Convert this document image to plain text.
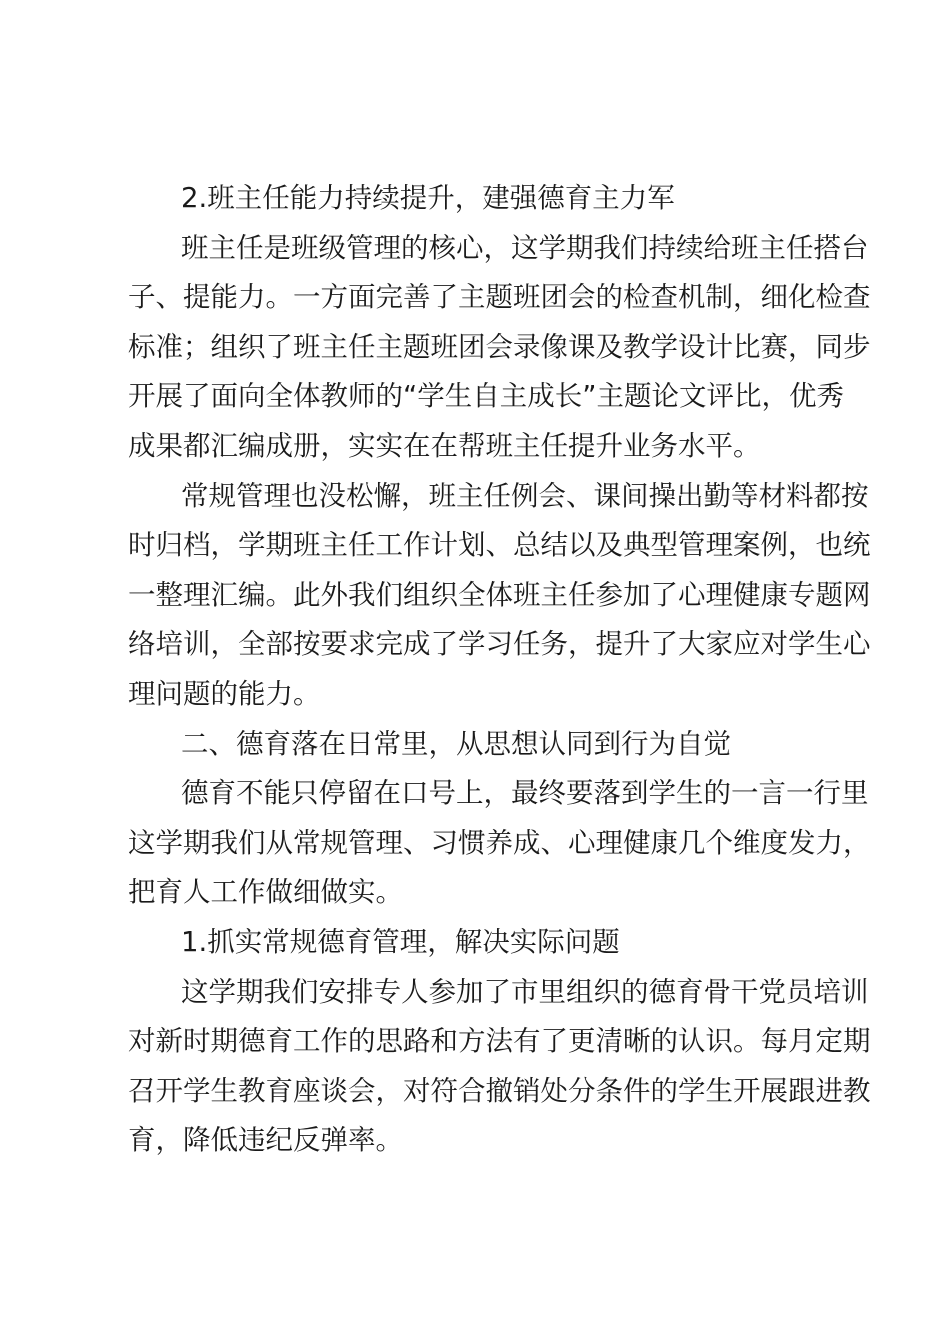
2.班主任能力持续提升，建强德育主力军
班主任是班级管理的核心，这学期我们持续给班主任搭台
子、提能力。一方面完善了主题班团会的检查机制，细化检查
标准；组织了班主任主题班团会录像课及教学设计比赛，同步
开展了面向全体教师的“学生自主成长”主题论文评比，优秀
成果都汇编成册，实实在在帮班主任提升业务水平。
常规管理也没松懈，班主任例会、课间操出勤等材料都按
时归档，学期班主任工作计划、总结以及典型管理案例，也统
一整理汇编。此外我们组织全体班主任参加了心理健康专题网
络培训，全部按要求完成了学习任务，提升了大家应对学生心
理问题的能力。
二、德育落在日常里，从思想认同到行为自觉
德育不能只停留在口号上，最终要落到学生的一言一行里
这学期我们从常规管理、习惯养成、心理健康几个维度发力，
把育人工作做细做实。
1.抓实常规德育管理，解决实际问题
这学期我们安排专人参加了市里组织的德育骨干党员培训
对新时期德育工作的思路和方法有了更清晰的认识。每月定期
召开学生教育座谈会，对符合撤销处分条件的学生开展跟进教
育，降低违纪反弹率。
